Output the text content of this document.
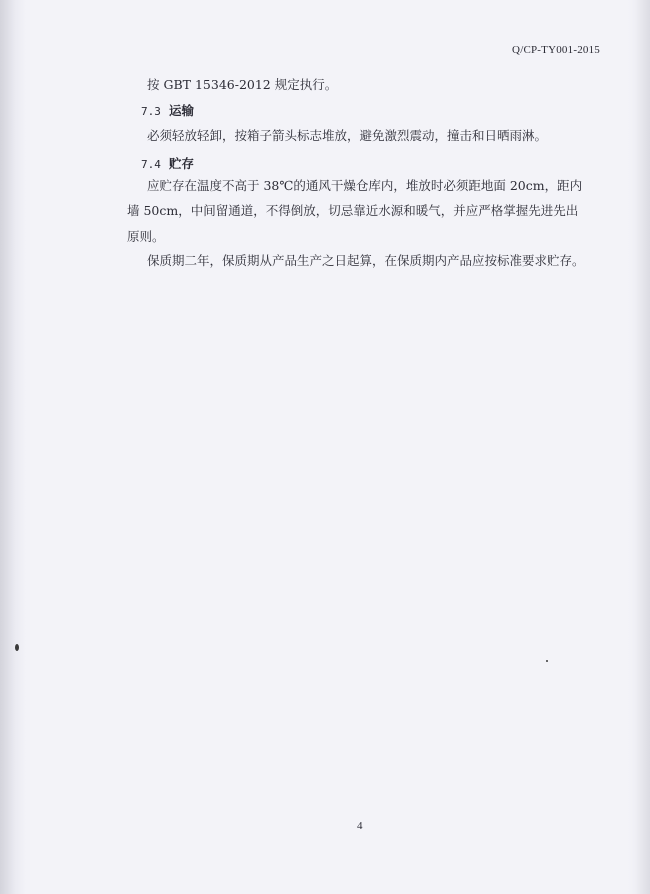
Q/CP-TY001-2015
按 GBT 15346-2012 规定执行。
7.3 运输
必须轻放轻卸，按箱子箭头标志堆放，避免激烈震动，撞击和日晒雨淋。
7.4 贮存
应贮存在温度不高于 38℃的通风干燥仓库内，堆放时必须距地面 20cm，距内
墙 50cm，中间留通道，不得倒放，切忌靠近水源和暖气，并应严格掌握先进先出
原则。
保质期二年，保质期从产品生产之日起算，在保质期内产品应按标准要求贮存。
4
